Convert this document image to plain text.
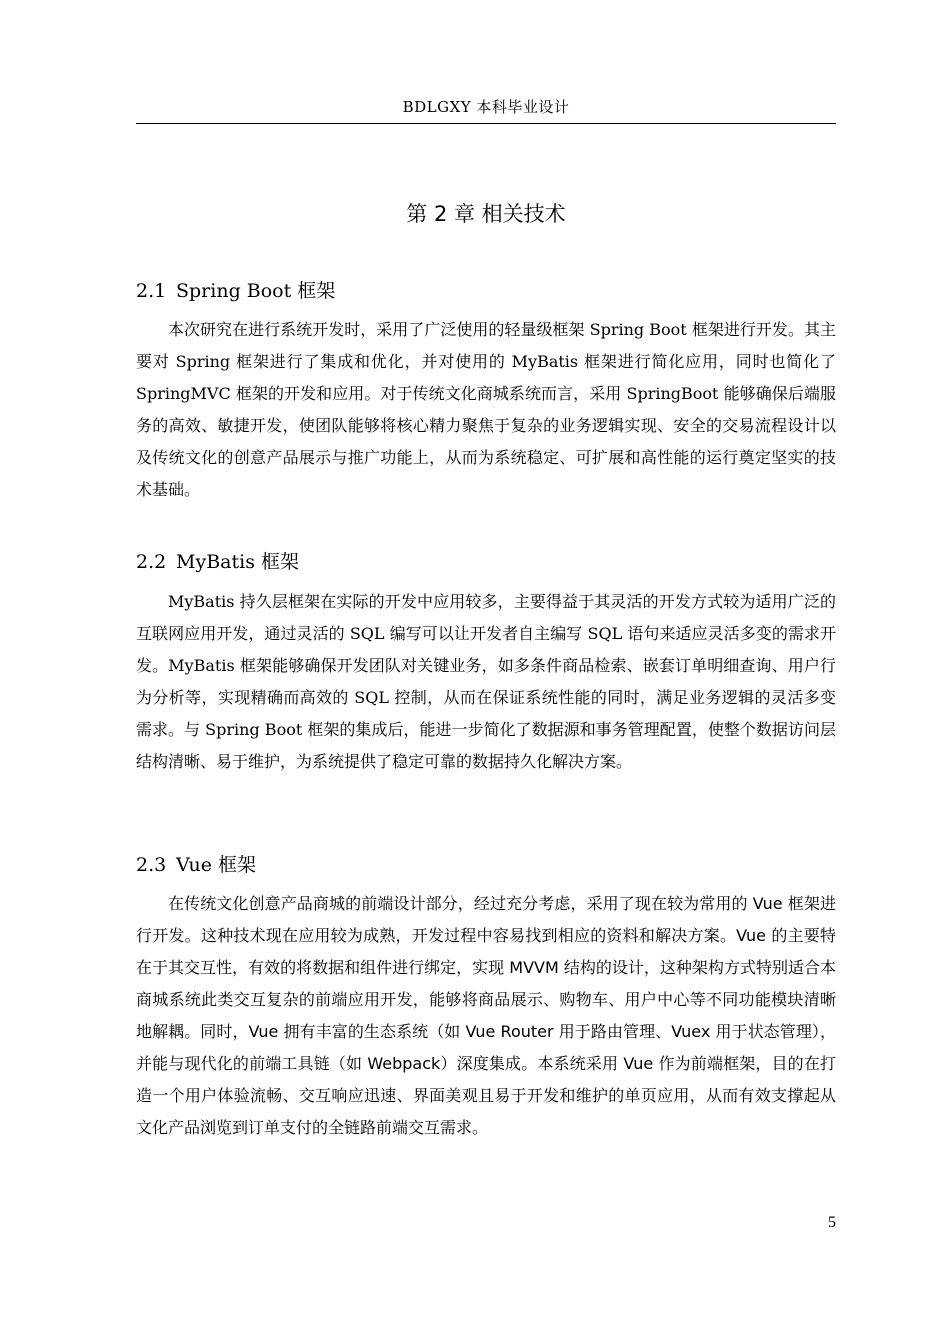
BDLGXY 本科毕业设计
第 2 章 相关技术
2.1 Spring Boot 框架

本次研究在进行系统开发时，采用了广泛使用的轻量级框架 Spring Boot 框架进行开发。其主要对 Spring 框架进行了集成和优化，并对使用的 MyBatis 框架进行简化应用，同时也简化了 SpringMVC 框架的开发和应用。对于传统文化商城系统而言，采用 SpringBoot 能够确保后端服务的高效、敏捷开发，使团队能够将核心精力聚焦于复杂的业务逻辑实现、安全的交易流程设计以及传统文化的创意产品展示与推广功能上，从而为系统稳定、可扩展和高性能的运行奠定坚实的技术基础。

2.2 MyBatis 框架

MyBatis 持久层框架在实际的开发中应用较多，主要得益于其灵活的开发方式较为适用广泛的互联网应用开发，通过灵活的 SQL 编写可以让开发者自主编写 SQL 语句来适应灵活多变的需求开发。MyBatis 框架能够确保开发团队对关键业务，如多条件商品检索、嵌套订单明细查询、用户行为分析等，实现精确而高效的 SQL 控制，从而在保证系统性能的同时，满足业务逻辑的灵活多变需求。与 Spring Boot 框架的集成后，能进一步简化了数据源和事务管理配置，使整个数据访问层结构清晰、易于维护，为系统提供了稳定可靠的数据持久化解决方案。

2.3 Vue 框架

在传统文化创意产品商城的前端设计部分，经过充分考虑，采用了现在较为常用的 Vue 框架进行开发。这种技术现在应用较为成熟，开发过程中容易找到相应的资料和解决方案。Vue 的主要特在于其交互性，有效的将数据和组件进行绑定，实现 MVVM 结构的设计，这种架构方式特别适合本商城系统此类交互复杂的前端应用开发，能够将商品展示、购物车、用户中心等不同功能模块清晰地解耦。同时，Vue 拥有丰富的生态系统（如 Vue Router 用于路由管理、Vuex 用于状态管理），并能与现代化的前端工具链（如 Webpack）深度集成。本系统采用 Vue 作为前端框架，目的在打造一个用户体验流畅、交互响应迅速、界面美观且易于开发和维护的单页应用，从而有效支撑起从文化产品浏览到订单支付的全链路前端交互需求。

5
